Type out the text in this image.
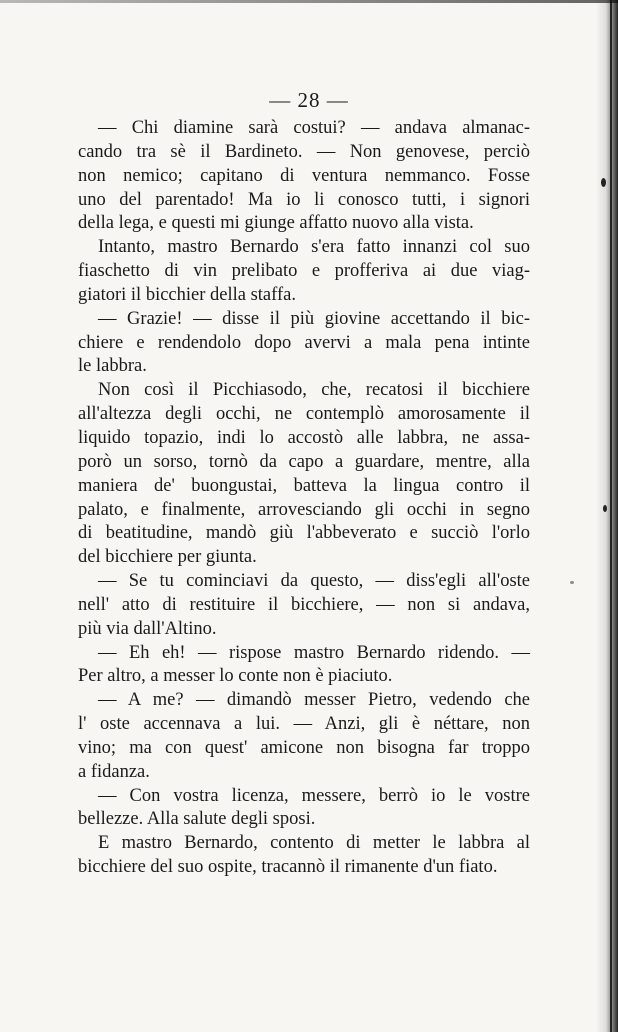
— 28 —
— Chi diamine sarà costui? — andava almanac-
cando tra sè il Bardineto. — Non genovese, perciò
non nemico; capitano di ventura nemmanco. Fosse
uno del parentado! Ma io li conosco tutti, i signori
della lega, e questi mi giunge affatto nuovo alla vista.
Intanto, mastro Bernardo s'era fatto innanzi col suo
fiaschetto di vin prelibato e profferiva ai due viag-
giatori il bicchier della staffa.
— Grazie! — disse il più giovine accettando il bic-
chiere e rendendolo dopo avervi a mala pena intinte
le labbra.
Non così il Picchiasodo, che, recatosi il bicchiere
all'altezza degli occhi, ne contemplò amorosamente il
liquido topazio, indi lo accostò alle labbra, ne assa-
porò un sorso, tornò da capo a guardare, mentre, alla
maniera de' buongustai, batteva la lingua contro il
palato, e finalmente, arrovesciando gli occhi in segno
di beatitudine, mandò giù l'abbeverato e succiò l'orlo
del bicchiere per giunta.
— Se tu cominciavi da questo, — diss'egli all'oste
nell' atto di restituire il bicchiere, — non si andava,
più via dall'Altino.
— Eh eh! — rispose mastro Bernardo ridendo. —
Per altro, a messer lo conte non è piaciuto.
— A me? — dimandò messer Pietro, vedendo che
l' oste accennava a lui. — Anzi, gli è néttare, non
vino; ma con quest' amicone non bisogna far troppo
a fidanza.
— Con vostra licenza, messere, berrò io le vostre
bellezze. Alla salute degli sposi.
E mastro Bernardo, contento di metter le labbra al
bicchiere del suo ospite, tracannò il rimanente d'un fiato.
